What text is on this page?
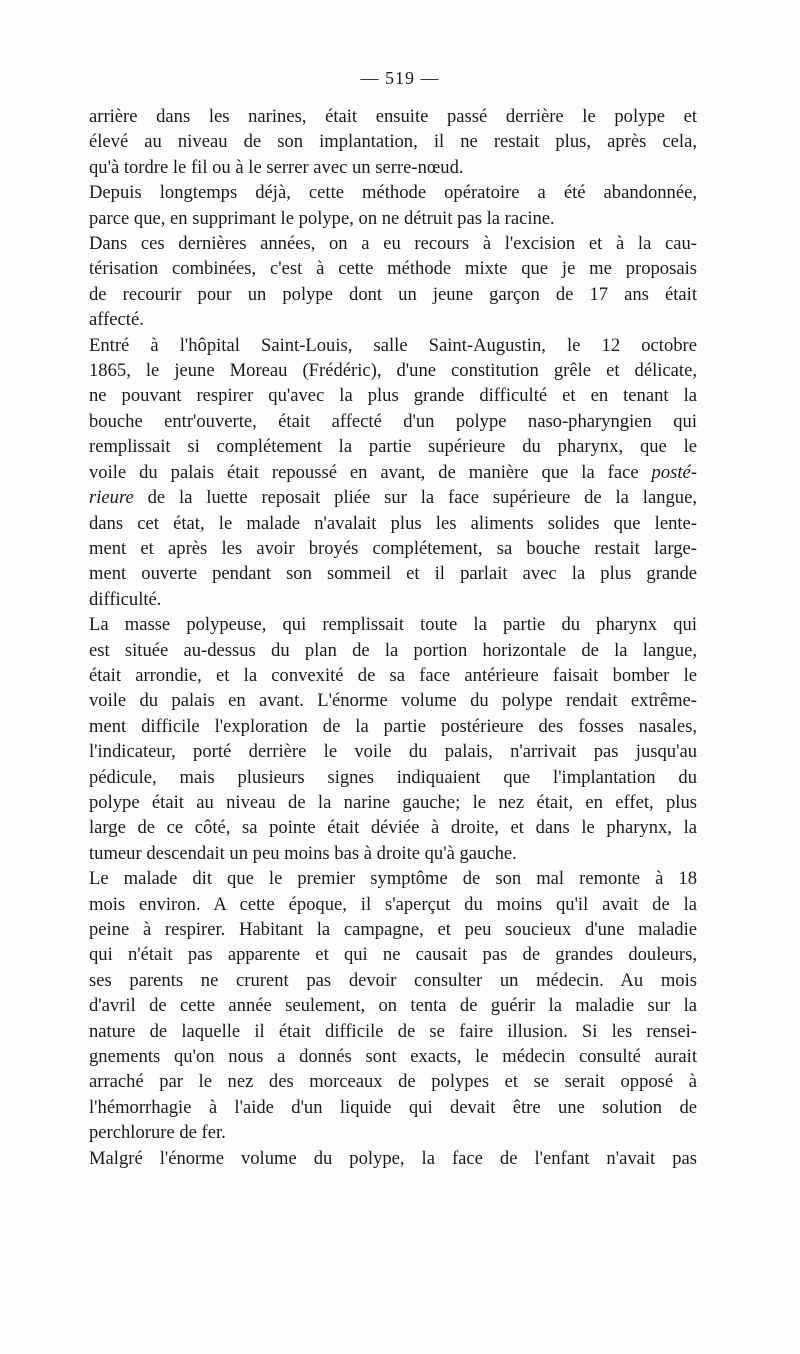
— 519 —

arrière dans les narines, était ensuite passé derrière le polype et
élevé au niveau de son implantation, il ne restait plus, après cela,
qu'à tordre le fil ou à le serrer avec un serre-nœud.

Depuis longtemps déjà, cette méthode opératoire a été abandonnée,
parce que, en supprimant le polype, on ne détruit pas la racine.

Dans ces dernières années, on a eu recours à l'excision et à la cau-
térisation combinées, c'est à cette méthode mixte que je me proposais
de recourir pour un polype dont un jeune garçon de 17 ans était
affecté.

Entré à l'hôpital Saint-Louis, salle Saint-Augustin, le 12 octobre
1865, le jeune Moreau (Frédéric), d'une constitution grêle et délicate,
ne pouvant respirer qu'avec la plus grande difficulté et en tenant la
bouche entr'ouverte, était affecté d'un polype naso-pharyngien qui
remplissait si complétement la partie supérieure du pharynx, que le
voile du palais était repoussé en avant, de manière que la face posté-
rieure de la luette reposait pliée sur la face supérieure de la langue,
dans cet état, le malade n'avalait plus les aliments solides que lente-
ment et après les avoir broyés complétement, sa bouche restait large-
ment ouverte pendant son sommeil et il parlait avec la plus grande
difficulté.

La masse polypeuse, qui remplissait toute la partie du pharynx qui
est située au-dessus du plan de la portion horizontale de la langue,
était arrondie, et la convexité de sa face antérieure faisait bomber le
voile du palais en avant. L'énorme volume du polype rendait extrême-
ment difficile l'exploration de la partie postérieure des fosses nasales,
l'indicateur, porté derrière le voile du palais, n'arrivait pas jusqu'au
pédicule, mais plusieurs signes indiquaient que l'implantation du
polype était au niveau de la narine gauche; le nez était, en effet, plus
large de ce côté, sa pointe était déviée à droite, et dans le pharynx, la
tumeur descendait un peu moins bas à droite qu'à gauche.

Le malade dit que le premier symptôme de son mal remonte à 18
mois environ. A cette époque, il s'aperçut du moins qu'il avait de la
peine à respirer. Habitant la campagne, et peu soucieux d'une maladie
qui n'était pas apparente et qui ne causait pas de grandes douleurs,
ses parents ne crurent pas devoir consulter un médecin. Au mois
d'avril de cette année seulement, on tenta de guérir la maladie sur la
nature de laquelle il était difficile de se faire illusion. Si les rensei-
gnements qu'on nous a donnés sont exacts, le médecin consulté aurait
arraché par le nez des morceaux de polypes et se serait opposé à
l'hémorrhagie à l'aide d'un liquide qui devait être une solution de
perchlorure de fer.

Malgré l'énorme volume du polype, la face de l'enfant n'avait pas
